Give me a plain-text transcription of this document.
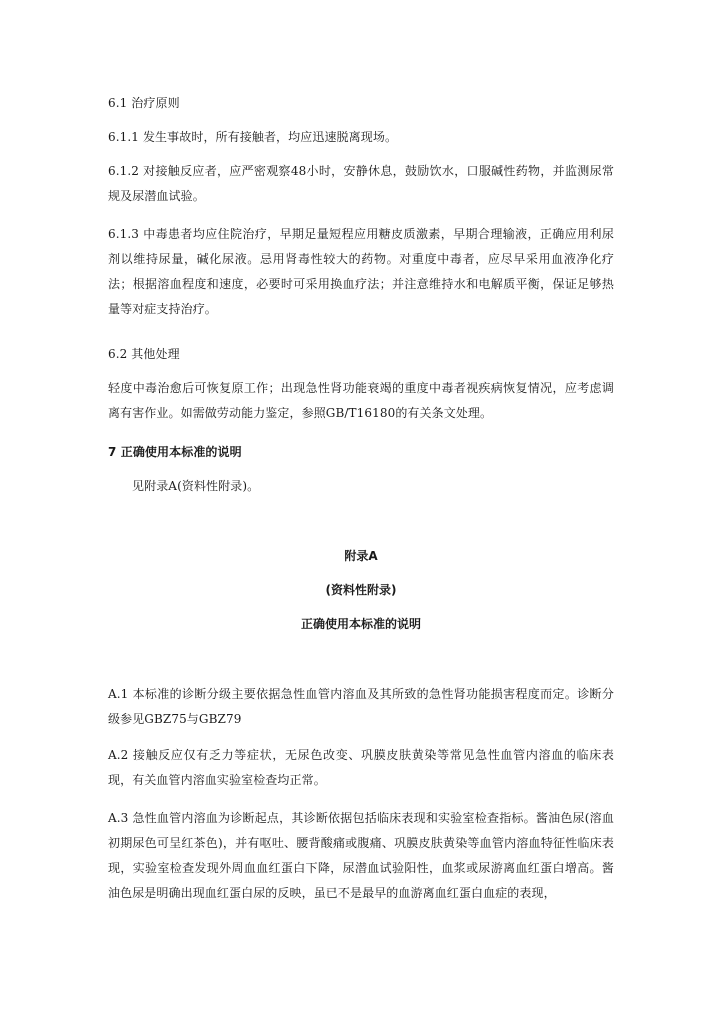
6.1 治疗原则

6.1.1 发生事故时，所有接触者，均应迅速脱离现场。

6.1.2 对接触反应者，应严密观察48小时，安静休息，鼓励饮水，口服碱性药物，并监测尿常规及尿潜血试验。

6.1.3 中毒患者均应住院治疗，早期足量短程应用糖皮质激素，早期合理输液，正确应用利尿剂以维持尿量，碱化尿液。忌用肾毒性较大的药物。对重度中毒者，应尽早采用血液净化疗法；根据溶血程度和速度，必要时可采用换血疗法；并注意维持水和电解质平衡，保证足够热量等对症支持治疗。

6.2 其他处理

轻度中毒治愈后可恢复原工作；出现急性肾功能衰竭的重度中毒者视疾病恢复情况，应考虑调离有害作业。如需做劳动能力鉴定，参照GB/T16180的有关条文处理。

7 正确使用本标准的说明

见附录A(资料性附录)。

附录A

(资料性附录)

正确使用本标准的说明

A.1 本标准的诊断分级主要依据急性血管内溶血及其所致的急性肾功能损害程度而定。诊断分级参见GBZ75与GBZ79

A.2 接触反应仅有乏力等症状，无尿色改变、巩膜皮肤黄染等常见急性血管内溶血的临床表现，有关血管内溶血实验室检查均正常。

A.3 急性血管内溶血为诊断起点，其诊断依据包括临床表现和实验室检查指标。酱油色尿(溶血初期尿色可呈红茶色)，并有呕吐、腰背酸痛或腹痛、巩膜皮肤黄染等血管内溶血特征性临床表现，实验室检查发现外周血血红蛋白下降，尿潜血试验阳性，血浆或尿游离血红蛋白增高。酱油色尿是明确出现血红蛋白尿的反映，虽已不是最早的血游离血红蛋白血症的表现，
